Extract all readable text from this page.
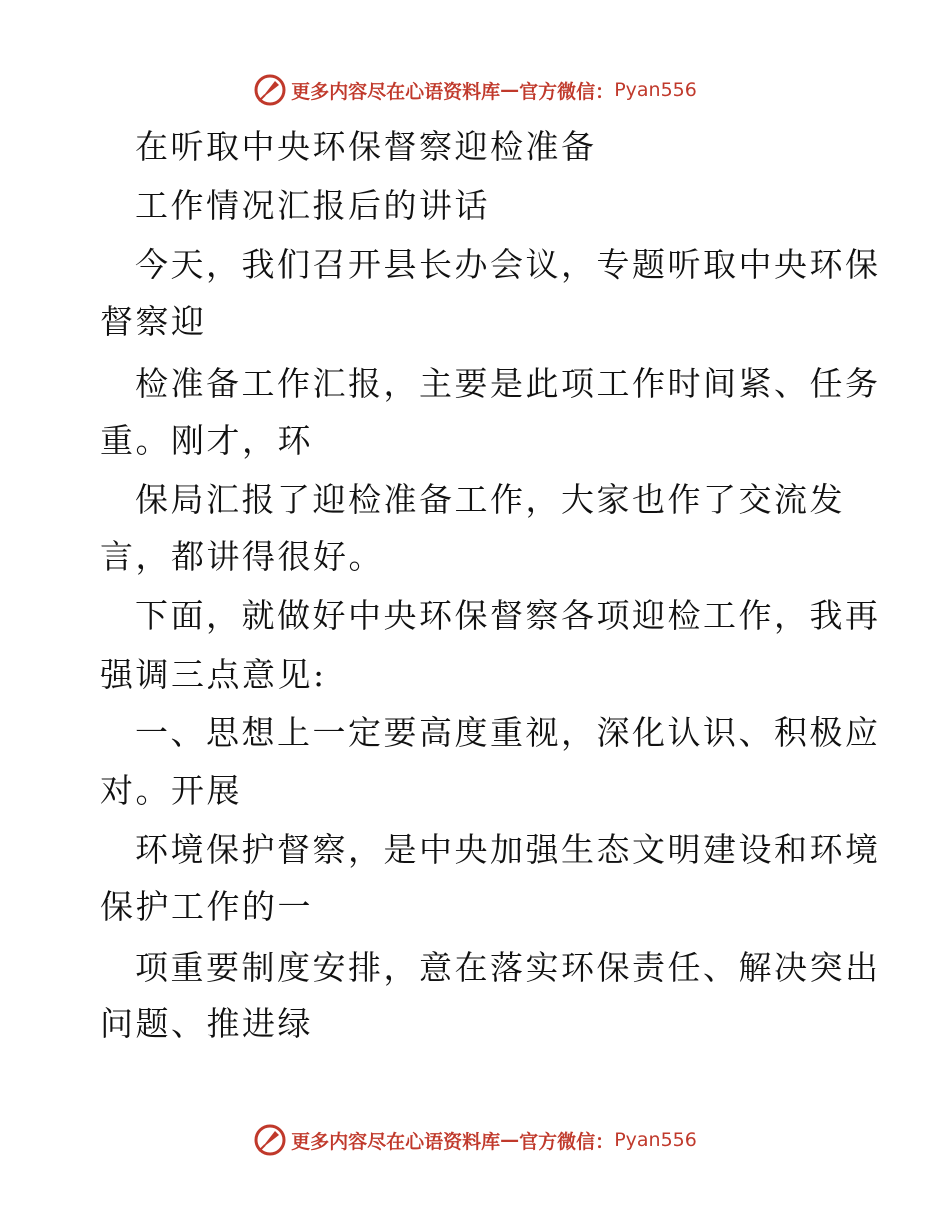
更多内容尽在心语资料库 — 官方微信： Pyan556
在听取中央环保督察迎检准备
工作情况汇报后的讲话
今天，我们召开县长办会议，专题听取中央环保
督察迎
检准备工作汇报，主要是此项工作时间紧、任务
重。刚才，环
保局汇报了迎检准备工作，大家也作了交流发
言，都讲得很好。
下面，就做好中央环保督察各项迎检工作，我再
强调三点意见:
一、思想上一定要高度重视，深化认识、积极应
对。开展
环境保护督察，是中央加强生态文明建设和环境
保护工作的一
项重要制度安排，意在落实环保责任、解决突出
问题、推进绿
更多内容尽在心语资料库 — 官方微信： Pyan556
